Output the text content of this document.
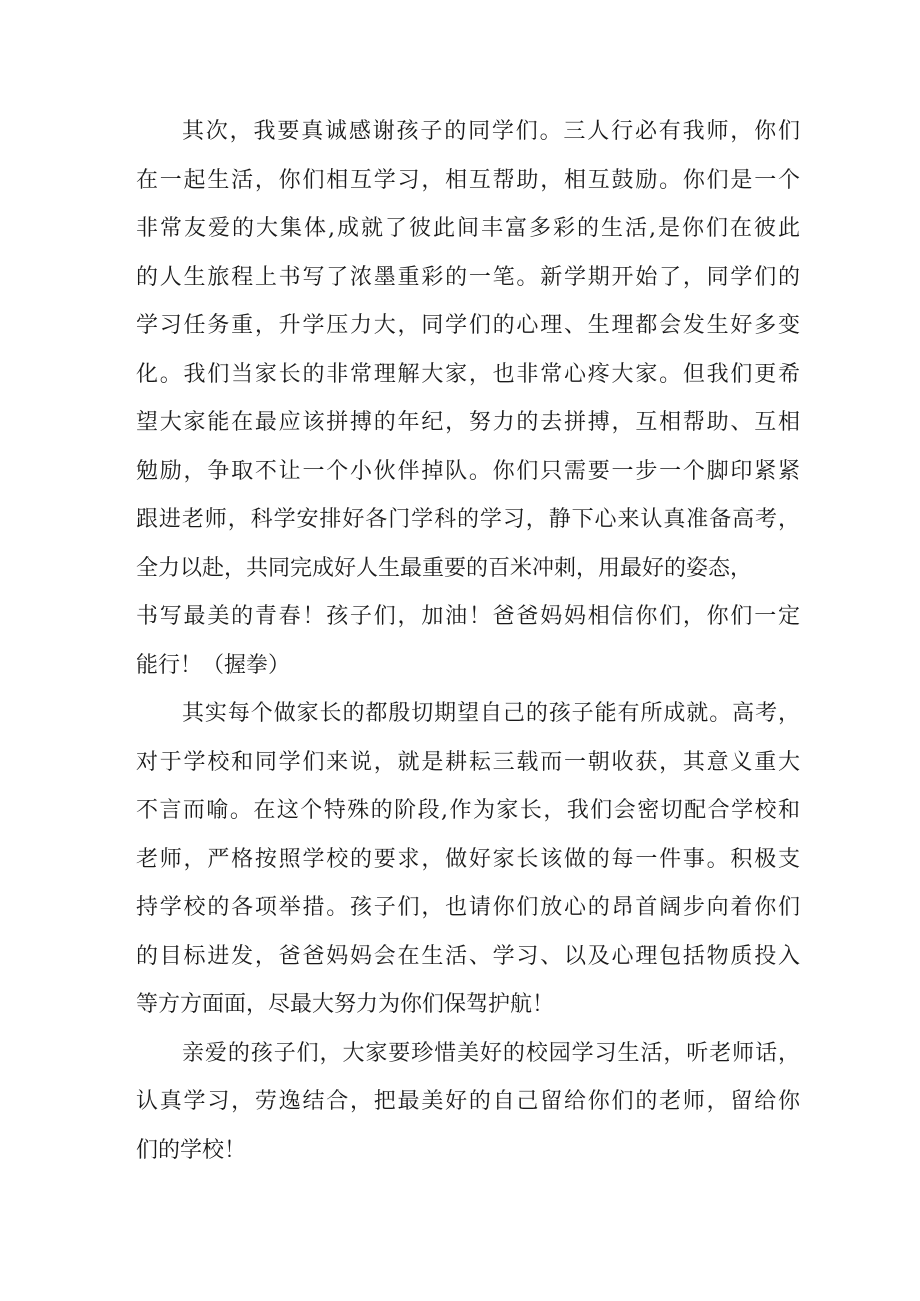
其次，我要真诚感谢孩子的同学们。三人行必有我师，你们
在一起生活，你们相互学习，相互帮助，相互鼓励。你们是一个
非常友爱的大集体,成就了彼此间丰富多彩的生活,是你们在彼此
的人生旅程上书写了浓墨重彩的一笔。新学期开始了，同学们的
学习任务重，升学压力大，同学们的心理、生理都会发生好多变
化。我们当家长的非常理解大家，也非常心疼大家。但我们更希
望大家能在最应该拼搏的年纪，努力的去拼搏，互相帮助、互相
勉励，争取不让一个小伙伴掉队。你们只需要一步一个脚印紧紧
跟进老师，科学安排好各门学科的学习，静下心来认真准备高考，
全力以赴，共同完成好人生最重要的百米冲刺，用最好的姿态，
书写最美的青春！孩子们，加油！爸爸妈妈相信你们，你们一定
能行！（握拳）
其实每个做家长的都殷切期望自己的孩子能有所成就。高考，
对于学校和同学们来说，就是耕耘三载而一朝收获，其意义重大
不言而喻。在这个特殊的阶段,作为家长，我们会密切配合学校和
老师，严格按照学校的要求，做好家长该做的每一件事。积极支
持学校的各项举措。孩子们，也请你们放心的昂首阔步向着你们
的目标进发，爸爸妈妈会在生活、学习、以及心理包括物质投入
等方方面面，尽最大努力为你们保驾护航！
亲爱的孩子们，大家要珍惜美好的校园学习生活，听老师话，
认真学习，劳逸结合，把最美好的自己留给你们的老师，留给你
们的学校！
